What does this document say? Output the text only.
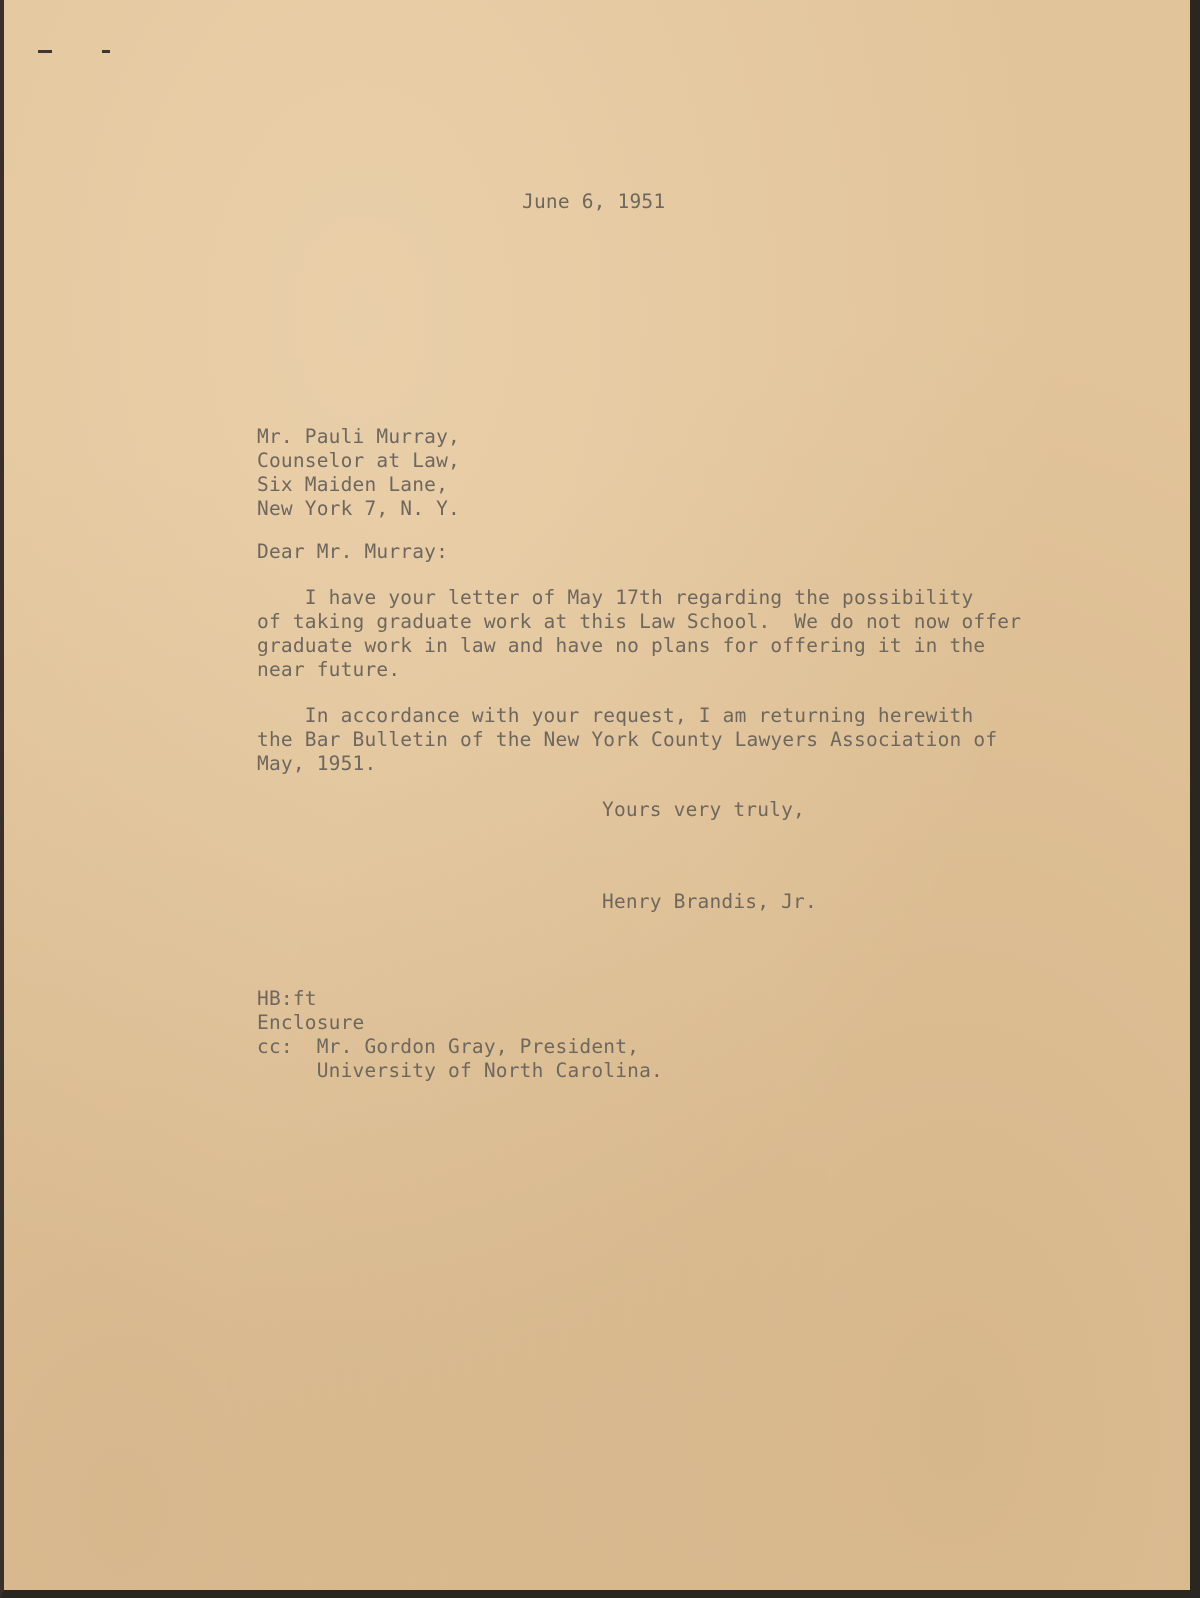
June 6, 1951
Mr. Pauli Murray,
Counselor at Law,
Six Maiden Lane,
New York 7, N. Y.
Dear Mr. Murray:
I have your letter of May 17th regarding the possibility
of taking graduate work at this Law School.  We do not now offer
graduate work in law and have no plans for offering it in the
near future.
In accordance with your request, I am returning herewith
the Bar Bulletin of the New York County Lawyers Association of
May, 1951.
Yours very truly,
Henry Brandis, Jr.
HB:ft
Enclosure
cc:  Mr. Gordon Gray, President,
University of North Carolina.
